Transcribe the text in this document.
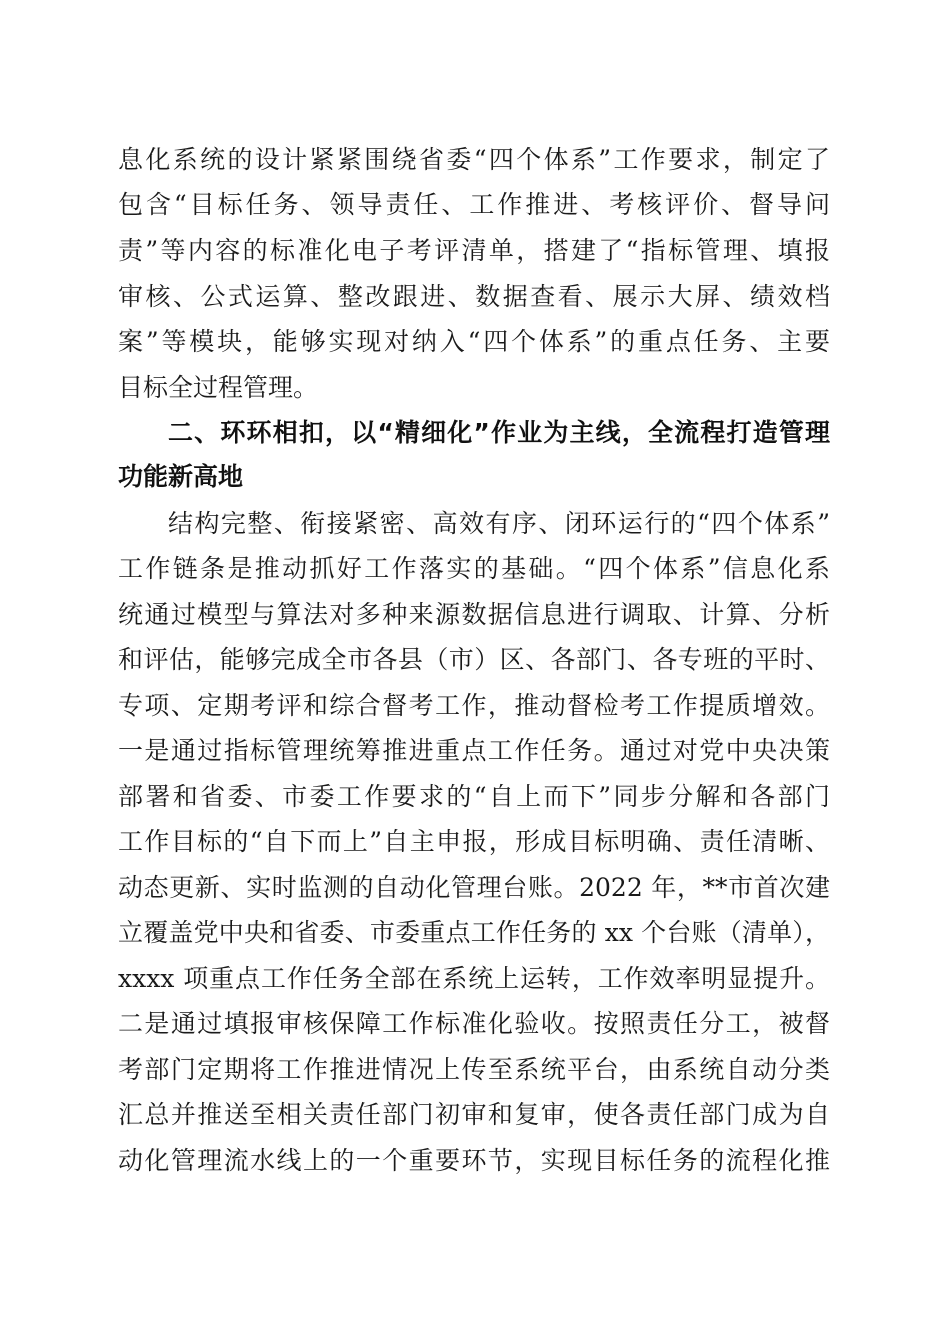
息化系统的设计紧紧围绕省委“四个体系”工作要求，制定了
包含“目标任务、领导责任、工作推进、考核评价、督导问
责”等内容的标准化电子考评清单，搭建了“指标管理、填报
审核、公式运算、整改跟进、数据查看、展示大屏、绩效档
案”等模块，能够实现对纳入“四个体系”的重点任务、主要
目标全过程管理。
二、环环相扣，以“精细化”作业为主线，全流程打造管理
功能新高地
结构完整、衔接紧密、高效有序、闭环运行的“四个体系”
工作链条是推动抓好工作落实的基础。“四个体系”信息化系
统通过模型与算法对多种来源数据信息进行调取、计算、分析
和评估，能够完成全市各县（市）区、各部门、各专班的平时、
专项、定期考评和综合督考工作，推动督检考工作提质增效。
一是通过指标管理统筹推进重点工作任务。通过对党中央决策
部署和省委、市委工作要求的“自上而下”同步分解和各部门
工作目标的“自下而上”自主申报，形成目标明确、责任清晰、
动态更新、实时监测的自动化管理台账。2022 年，**市首次建
立覆盖党中央和省委、市委重点工作任务的 xx 个台账（清单），
xxxx 项重点工作任务全部在系统上运转，工作效率明显提升。
二是通过填报审核保障工作标准化验收。按照责任分工，被督
考部门定期将工作推进情况上传至系统平台，由系统自动分类
汇总并推送至相关责任部门初审和复审，使各责任部门成为自
动化管理流水线上的一个重要环节，实现目标任务的流程化推
